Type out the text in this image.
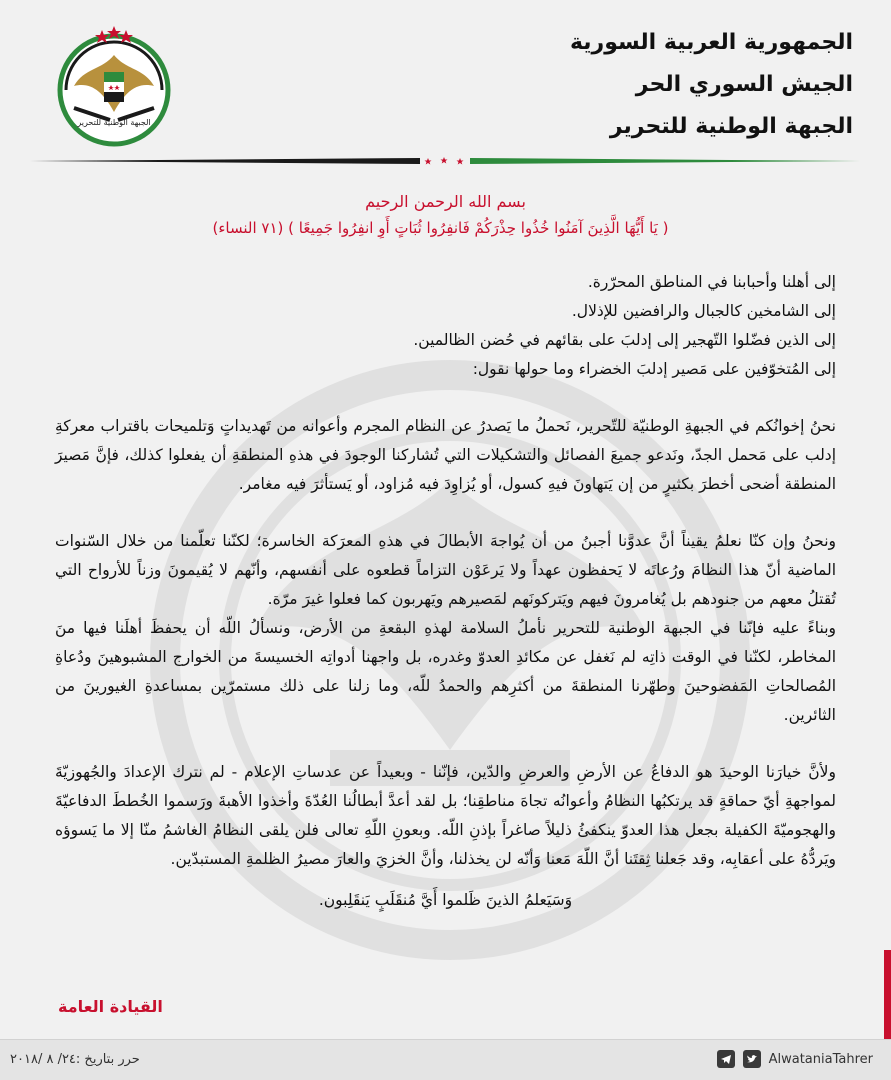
الجبهة الوطنية للتحرير
الجمهورية العربية السورية
الجيش السوري الحر
الجبهة الوطنية للتحرير
بسم الله الرحمن الرحيم
( يَا أَيُّهَا الَّذِينَ آمَنُوا خُذُوا حِذْرَكُمْ فَانفِرُوا ثُبَاتٍ أَوِ انفِرُوا جَمِيعًا ) (٧١ النساء)

إلى أهلنا وأحبابنا في المناطق المحرّرة.

إلى الشامخين كالجبال والرافضين للإذلال.

إلى الذين فضّلوا التّهجير إلى إدلبَ على بقائهم في حُضن الظالمين.

إلى المُتخوّفين على مَصير إدلبَ الخضراء وما حولها نقول:

نحنُ إخوانُكم في الجبهةِ الوطنيّة للتّحرير، نَحملُ ما يَصدرُ عن النظام المجرم وأعوانه من تَهديداتٍ وَتلميحات باقتراب معركةِ إدلب على مَحمل الجدّ، ونَدعو جميعَ الفصائل والتشكيلات التي تُشاركنا الوجودَ في هذهِ المنطقةِ أن يفعلوا كذلك، فإنَّ مَصيرَ المنطقة أضحى أخطرَ بكثيرٍ من إن يَتهاونَ فيهِ كسول، أو يُزاوِدَ فيه مُزاود، أو يَستأثرَ فيه مغامر.

ونحنُ وإن كنّا نعلمُ يقيناً أنَّ عدوَّنا أجبنُ من أن يُواجهَ الأبطالَ في هذهِ المعرَكة الخاسرة؛ لكنّنا تعلّمنا من خلال السّنوات الماضية أنّ هذا النظامَ ورُعاتَه لا يَحفظون عهداً ولا يَرعَوْن التزاماً قطعوه على أنفسهم، وأنّهم لا يُقيمونَ وزناً للأرواح التي تُقتلُ معهم من جنودهم بل يُغامرونَ فيهم ويَتركونَهم لمَصيرهم ويَهربون كما فعلوا غيرَ مرّة.

وبناءً عليه فإنّنا في الجبهة الوطنية للتحرير نأملُ السلامة لهذهِ البقعةِ من الأرض، ونسألُ اللّه أن يحفظَ أهلَنا فيها منَ المخاطر، لكنّنا في الوقت ذاتِه لم نَغفل عن مكائدِ العدوّ وغدره، بل واجهنا أدواتِه الخسيسةَ من الخوارج المشبوهينَ ودُعاةِ المُصالحاتِ المَفضوحينَ وطهّرنا المنطقةَ من أكثرِهم والحمدُ للّه، وما زلنا على ذلك مستمرّين بمساعدةِ الغيورينَ من الثائرين.

ولأنَّ خيارَنا الوحيدَ هو الدفاعُ عن الأرضِ والعرضِ والدّين، فإنّنا - وبعيداً عن عدساتِ الإعلام - لم نترك الإعدادَ والجُهوزيّةَ لمواجهةِ أيّ حماقةٍ قد يرتكبُها النظامُ وأعوانُه تجاهَ مناطقِنا؛ بل لقد أعدَّ أبطالُنا العُدّةَ وأخذوا الأهبةَ ورَسموا الخُططَ الدفاعيّةَ والهجوميّةَ الكفيلة بجعل هذا العدوّ ينكفئُ ذليلاً صاغراً بإذنِ اللّه. وبعونِ اللّهِ تعالى فلن يلقى النظامُ الغاشمُ منّا إلا ما يَسوؤه ويَردُّهُ على أعقابِه، وقد جَعلنا ثِقتَنا أنَّ اللّهَ مَعنا وَأنّه لن يخذلنا، وأنَّ الخزيَ والعارَ مصيرُ الظلمةِ المستبدّين.

وَسَيَعلمُ الذينَ ظَلموا أَيَّ مُنقَلَبٍ يَنقَلِبون.

القيادة العامة
حرر بتاريخ :٢٤/ ٨ /٢٠١٨	AlwataniaTahrer
